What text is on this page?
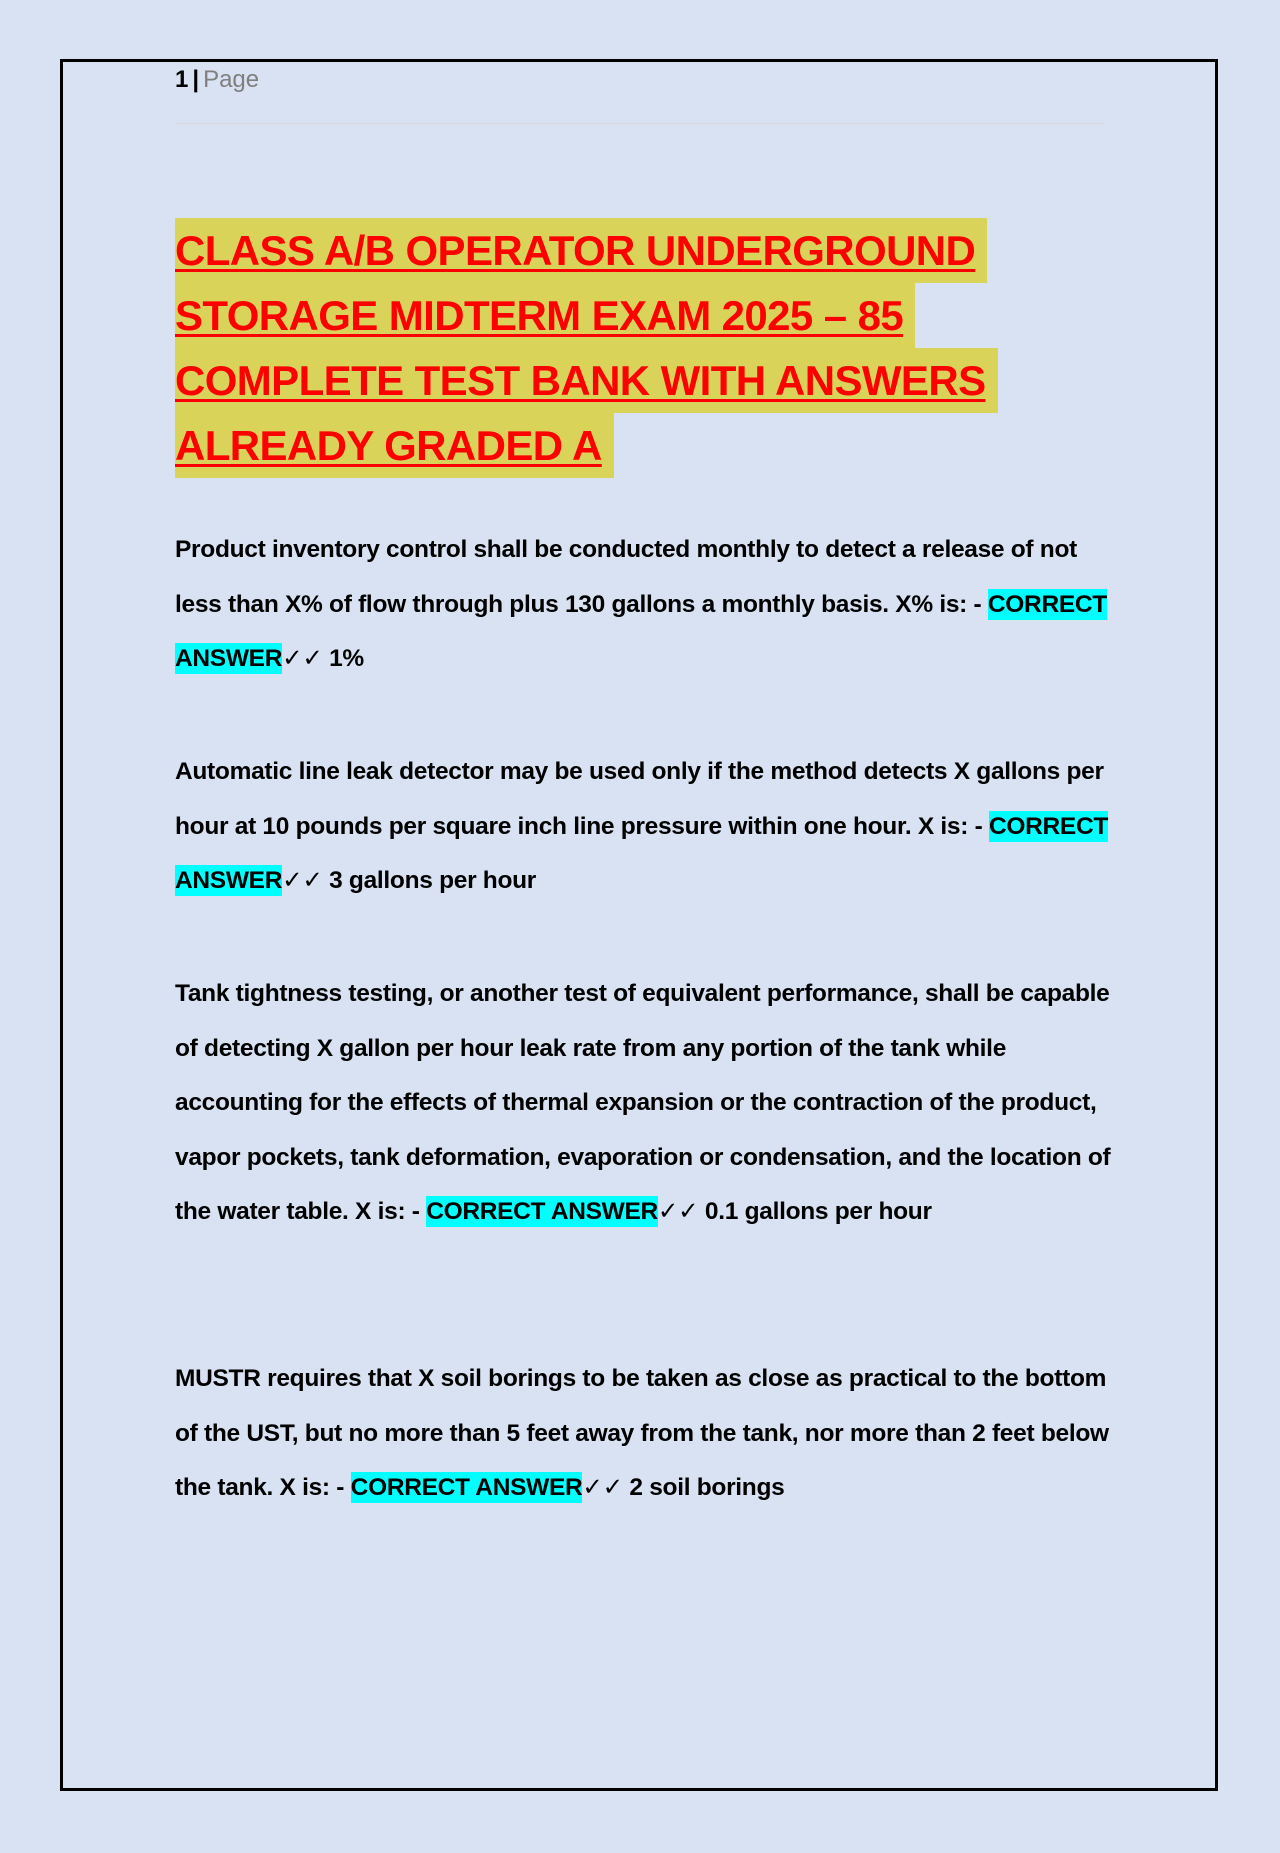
1 | Page
CLASS A/B OPERATOR UNDERGROUND
STORAGE MIDTERM EXAM 2025 – 85
COMPLETE TEST BANK WITH ANSWERS
ALREADY GRADED A

Product inventory control shall be conducted monthly to detect a release of not less than X% of flow through plus 130 gallons a monthly basis. X% is: - CORRECT ANSWER✓✓ 1%

Automatic line leak detector may be used only if the method detects X gallons per hour at 10 pounds per square inch line pressure within one hour. X is: - CORRECT ANSWER✓✓ 3 gallons per hour

Tank tightness testing, or another test of equivalent performance, shall be capable of detecting X gallon per hour leak rate from any portion of the tank while accounting for the effects of thermal expansion or the contraction of the product, vapor pockets, tank deformation, evaporation or condensation, and the location of the water table. X is: - CORRECT ANSWER✓✓ 0.1 gallons per hour

MUSTR requires that X soil borings to be taken as close as practical to the bottom of the UST, but no more than 5 feet away from the tank, nor more than 2 feet below the tank. X is: - CORRECT ANSWER✓✓ 2 soil borings
